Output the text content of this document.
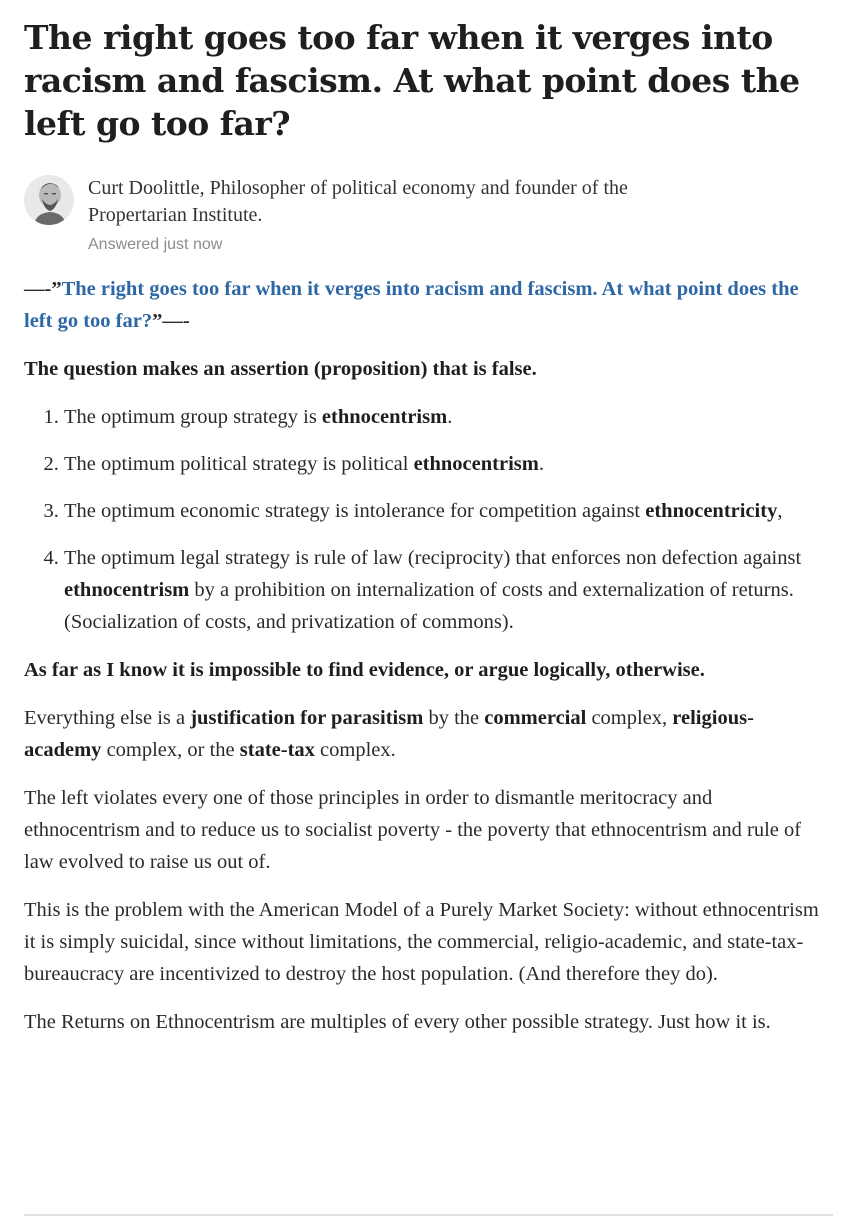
The right goes too far when it verges into racism and fascism. At what point does the left go too far?
Curt Doolittle, Philosopher of political economy and founder of the
Propertarian Institute.
Answered just now

—-”The right goes too far when it verges into racism and fascism. At what point does the left go too far?”—-

The question makes an assertion (proposition) that is false.

1. The optimum group strategy is ethnocentrism.
2. The optimum political strategy is political ethnocentrism.
3. The optimum economic strategy is intolerance for competition against ethnocentricity,
4. The optimum legal strategy is rule of law (reciprocity) that enforces non defection against ethnocentrism by a prohibition on internalization of costs and externalization of returns.(Socialization of costs, and privatization of commons).

As far as I know it is impossible to find evidence, or argue logically, otherwise.

Everything else is a justification for parasitism by the commercial complex, religious-academy complex, or the state-tax complex.

The left violates every one of those principles in order to dismantle meritocracy and ethnocentrism and to reduce us to socialist poverty - the poverty that ethnocentrism and rule of law evolved to raise us out of.

This is the problem with the American Model of a Purely Market Society: without ethnocentrism it is simply suicidal, since without limitations, the commercial, religio-academic, and state-tax-bureaucracy are incentivized to destroy the host population. (And therefore they do).

The Returns on Ethnocentrism are multiples of every other possible strategy. Just how it is.
